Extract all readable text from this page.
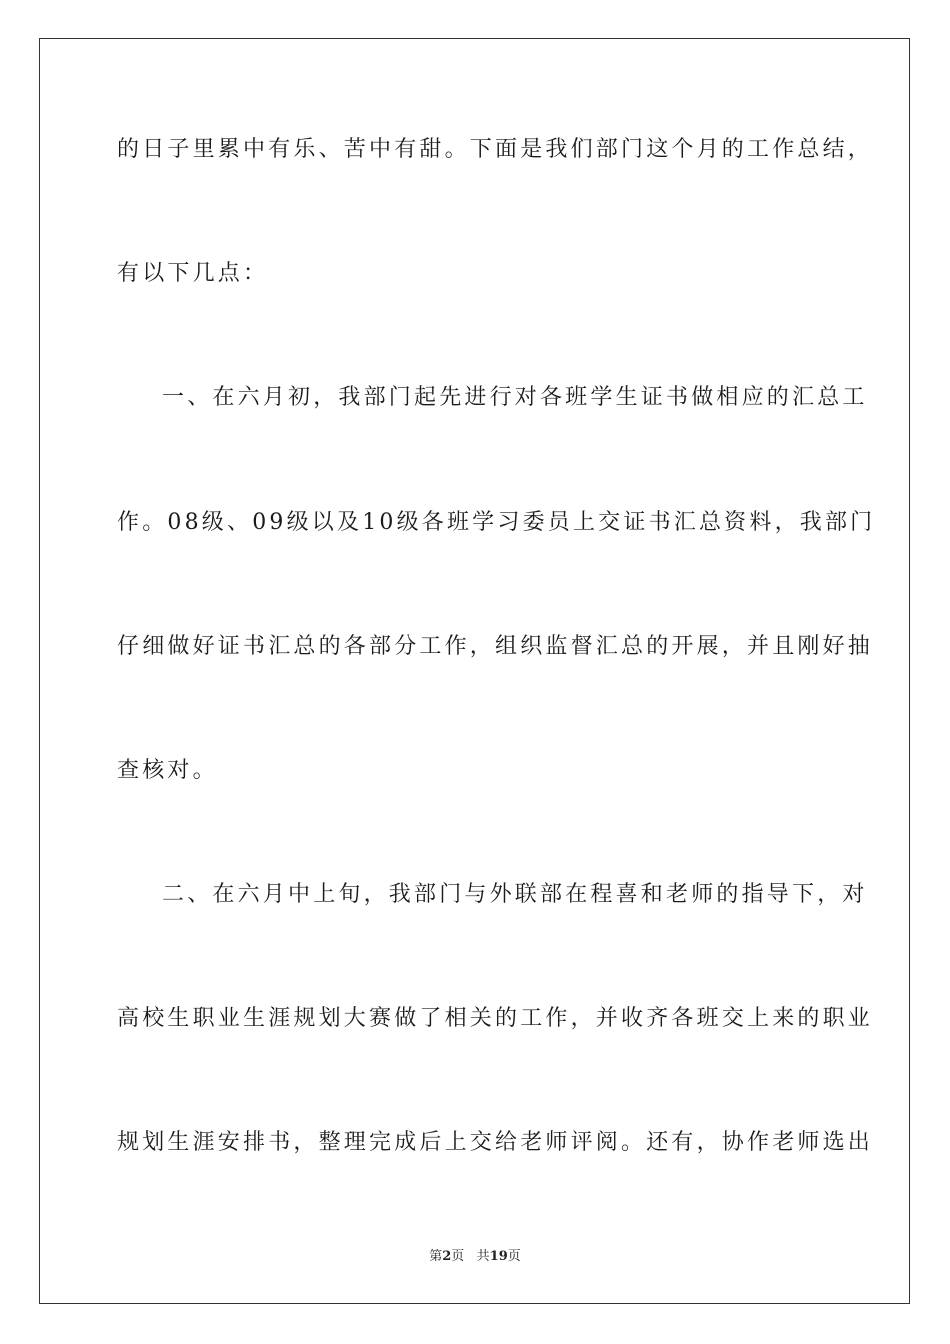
的日子里累中有乐、苦中有甜。下面是我们部门这个月的工作总结，
有以下几点：
一、在六月初，我部门起先进行对各班学生证书做相应的汇总工
作。08级、09级以及10级各班学习委员上交证书汇总资料，我部门
仔细做好证书汇总的各部分工作，组织监督汇总的开展，并且刚好抽
查核对。
二、在六月中上旬，我部门与外联部在程喜和老师的指导下，对
高校生职业生涯规划大赛做了相关的工作，并收齐各班交上来的职业
规划生涯安排书，整理完成后上交给老师评阅。还有，协作老师选出
第2页 共19页
